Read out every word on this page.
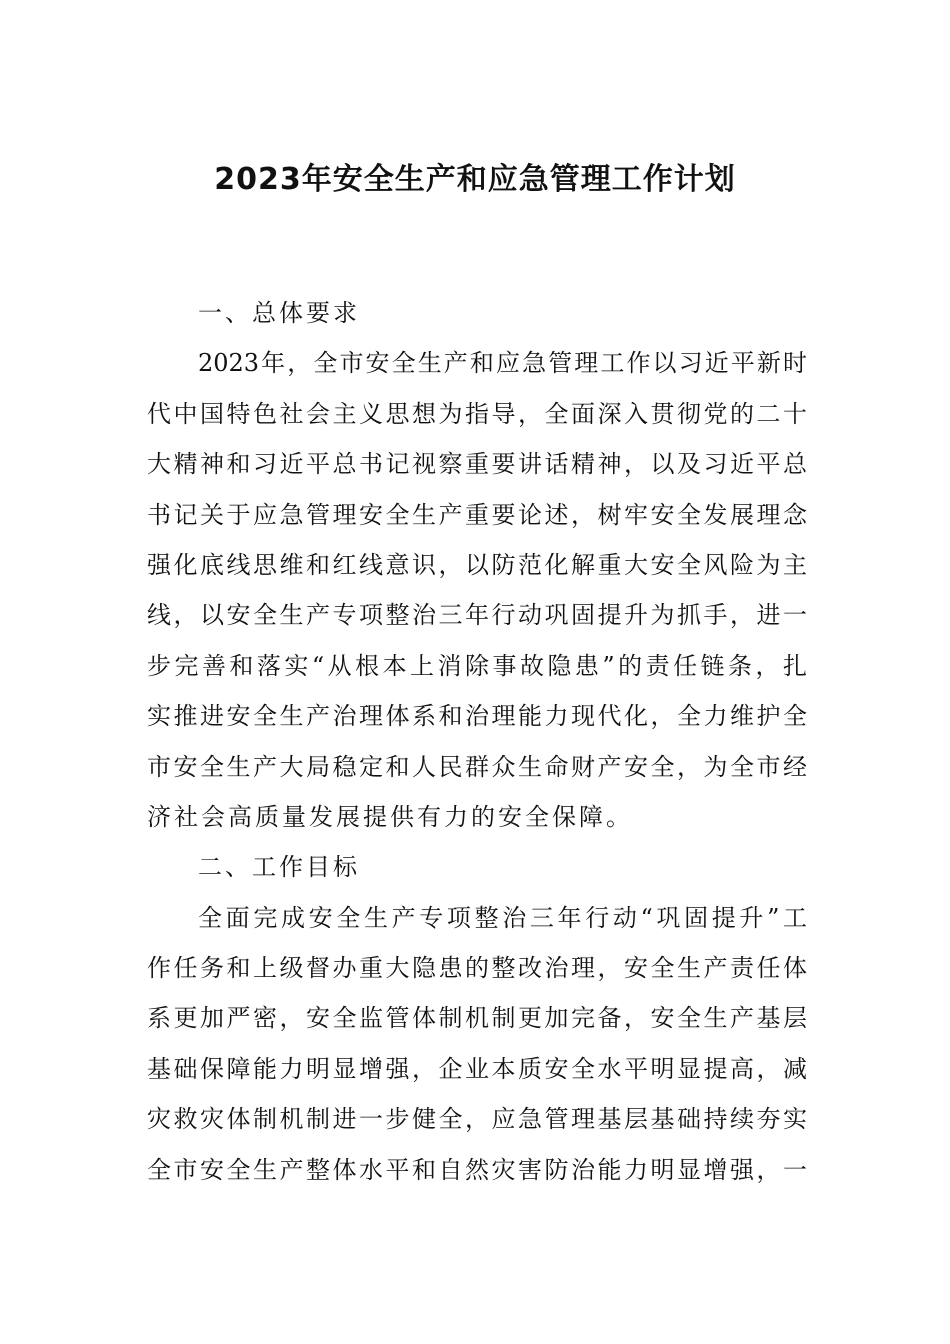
2023年安全生产和应急管理工作计划
一、总体要求
2023年，全市安全生产和应急管理工作以习近平新时
代中国特色社会主义思想为指导，全面深入贯彻党的二十
大精神和习近平总书记视察重要讲话精神，以及习近平总
书记关于应急管理安全生产重要论述，树牢安全发展理念
强化底线思维和红线意识，以防范化解重大安全风险为主
线，以安全生产专项整治三年行动巩固提升为抓手，进一
步完善和落实“从根本上消除事故隐患”的责任链条，扎
实推进安全生产治理体系和治理能力现代化，全力维护全
市安全生产大局稳定和人民群众生命财产安全，为全市经
济社会高质量发展提供有力的安全保障。
二、工作目标
全面完成安全生产专项整治三年行动“巩固提升”工
作任务和上级督办重大隐患的整改治理，安全生产责任体
系更加严密，安全监管体制机制更加完备，安全生产基层
基础保障能力明显增强，企业本质安全水平明显提高，减
灾救灾体制机制进一步健全，应急管理基层基础持续夯实
全市安全生产整体水平和自然灾害防治能力明显增强，一
